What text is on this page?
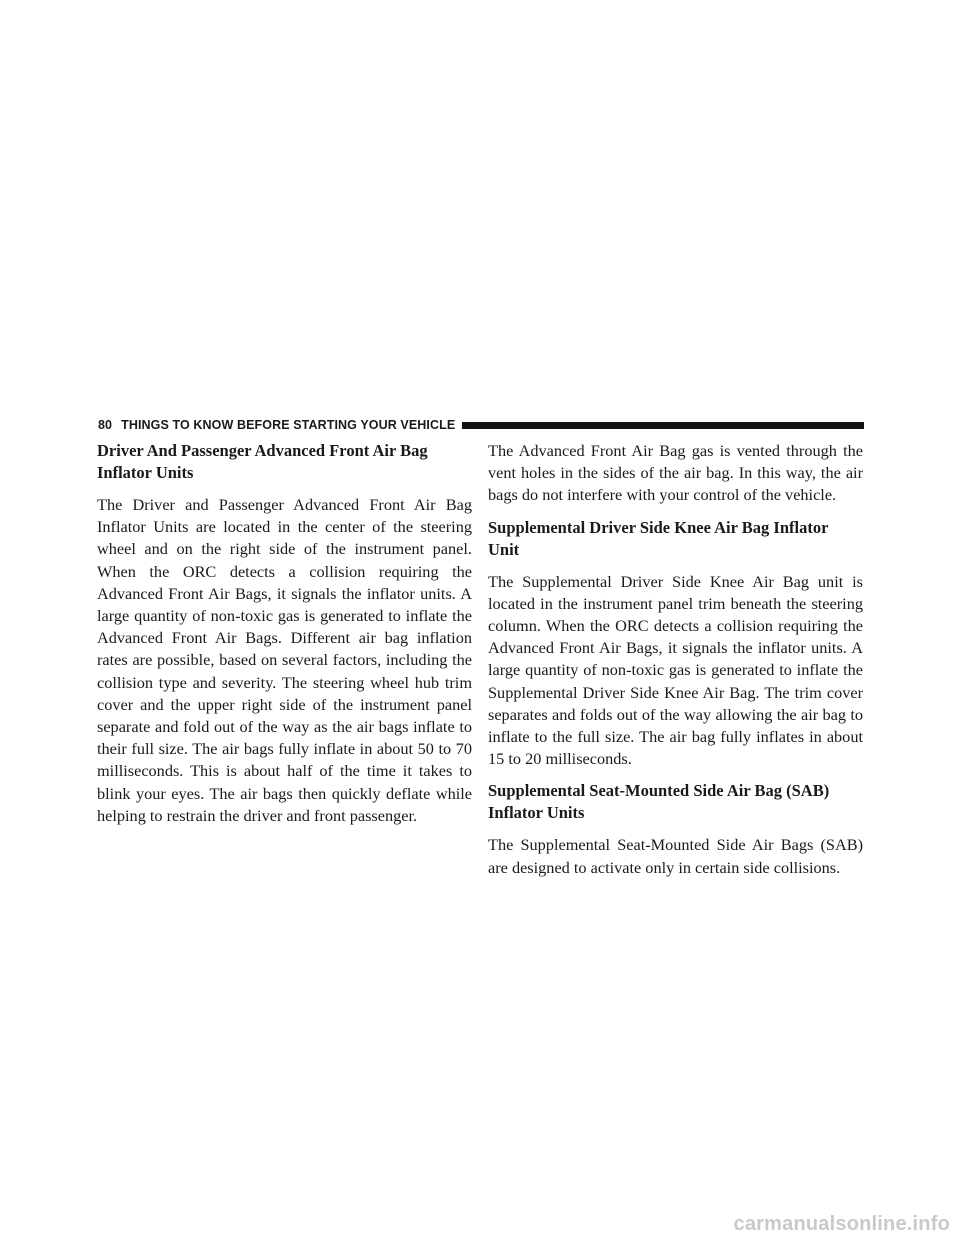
80 THINGS TO KNOW BEFORE STARTING YOUR VEHICLE
Driver And Passenger Advanced Front Air Bag Inflator Units

The Driver and Passenger Advanced Front Air Bag Inflator Units are located in the center of the steering wheel and on the right side of the instrument panel. When the ORC detects a collision requiring the Advanced Front Air Bags, it signals the inflator units. A large quantity of non-toxic gas is generated to inflate the Advanced Front Air Bags. Different air bag inflation rates are possible, based on several factors, including the collision type and severity. The steering wheel hub trim cover and the upper right side of the instrument panel separate and fold out of the way as the air bags inflate to their full size. The air bags fully inflate in about 50 to 70 milliseconds. This is about half of the time it takes to blink your eyes. The air bags then quickly deflate while helping to restrain the driver and front passenger.

The Advanced Front Air Bag gas is vented through the vent holes in the sides of the air bag. In this way, the air bags do not interfere with your control of the vehicle.

Supplemental Driver Side Knee Air Bag Inflator Unit

The Supplemental Driver Side Knee Air Bag unit is located in the instrument panel trim beneath the steering column. When the ORC detects a collision requiring the Advanced Front Air Bags, it signals the inflator units. A large quantity of non-toxic gas is generated to inflate the Supplemental Driver Side Knee Air Bag. The trim cover separates and folds out of the way allowing the air bag to inflate to the full size. The air bag fully inflates in about 15 to 20 milliseconds.

Supplemental Seat-Mounted Side Air Bag (SAB) Inflator Units

The Supplemental Seat-Mounted Side Air Bags (SAB) are designed to activate only in certain side collisions.

carmanualsonline.info
